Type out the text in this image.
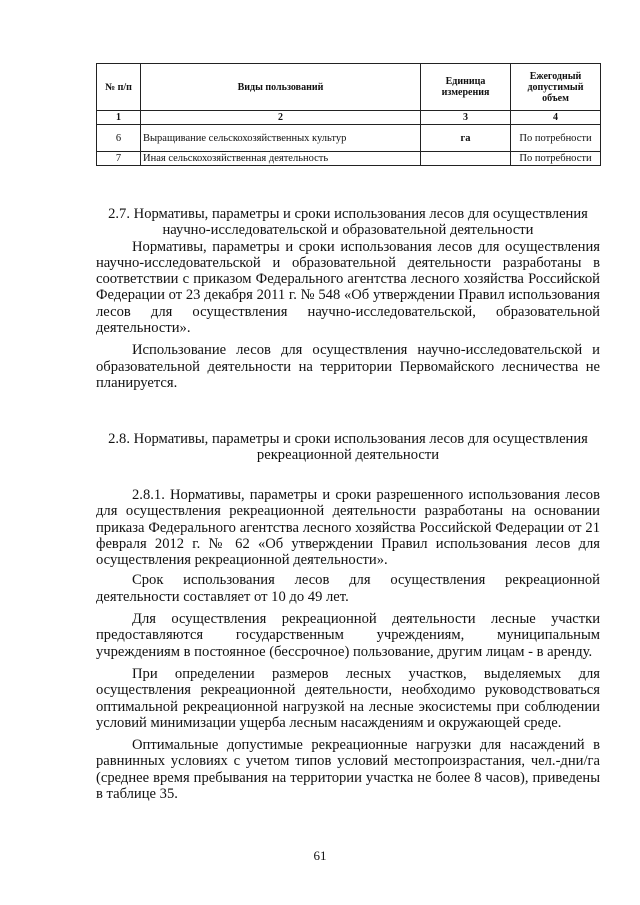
№ п/п	Виды пользований	Единица измерения	Ежегодный допустимый объем
1	2	3	4
6	Выращивание сельскохозяйственных культур	га	По потребности
7	Иная сельскохозяйственная деятельность		По потребности

2.7. Нормативы, параметры и сроки использования лесов для осуществления научно-исследовательской и образовательной деятельности

Нормативы, параметры и сроки использования лесов для осуществления научно-исследовательской и образовательной деятельности разработаны в соответствии с приказом Федерального агентства лесного хозяйства Российской Федерации от 23 декабря 2011 г. № 548 «Об утверждении Правил использования лесов для осуществления научно-исследовательской, образовательной деятельности».

Использование лесов для осуществления научно-исследовательской и образовательной деятельности на территории Первомайского лесничества не планируется.

2.8. Нормативы, параметры и сроки использования лесов для осуществления рекреационной деятельности

2.8.1. Нормативы, параметры и сроки разрешенного использования лесов для осуществления рекреационной деятельности разработаны на основании приказа Федерального агентства лесного хозяйства Российской Федерации от 21 февраля 2012 г. № 62 «Об утверждении Правил использования лесов для осуществления рекреационной деятельности».

Срок использования лесов для осуществления рекреационной деятельности составляет от 10 до 49 лет.

Для осуществления рекреационной деятельности лесные участки предоставляются государственным учреждениям, муниципальным учреждениям в постоянное (бессрочное) пользование, другим лицам - в аренду.

При определении размеров лесных участков, выделяемых для осуществления рекреационной деятельности, необходимо руководствоваться оптимальной рекреационной нагрузкой на лесные экосистемы при соблюдении условий минимизации ущерба лесным насаждениям и окружающей среде.

Оптимальные допустимые рекреационные нагрузки для насаждений в равнинных условиях с учетом типов условий местопроизрастания, чел.-дни/га (среднее время пребывания на территории участка не более 8 часов), приведены в таблице 35.

61
